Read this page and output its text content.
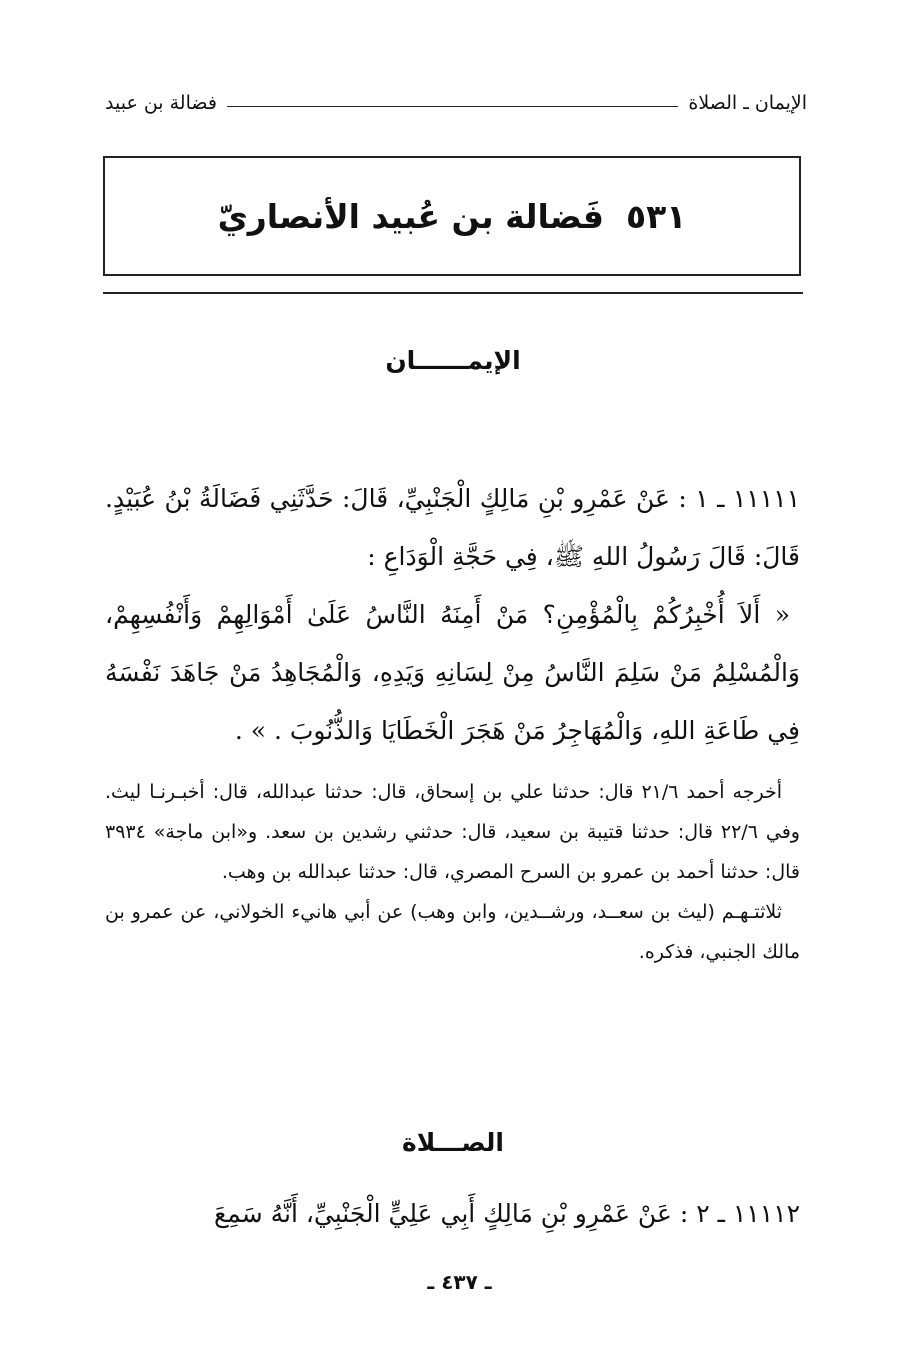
الإيمان ـ الصلاة
فضالة بن عبيد
٥٣١
فَضالة بن عُبيد الأنصاريّ
الإيمــــــان

١١١١١ ـ ١ : عَنْ عَمْرِو بْنِ مَالِكٍ الْجَنْبِيِّ، قَالَ: حَدَّثَنِي فَضَالَةُ بْنُ عُبَيْدٍ. قَالَ: قَالَ رَسُولُ اللهِ ﷺ، فِي حَجَّةِ الْوَدَاعِ :

« أَلاَ أُخْبِرُكُمْ بِالْمُؤْمِنِ؟ مَنْ أَمِنَهُ النَّاسُ عَلَىٰ أَمْوَالِهِمْ وَأَنْفُسِهِمْ، وَالْمُسْلِمُ مَنْ سَلِمَ النَّاسُ مِنْ لِسَانِهِ وَيَدِهِ، وَالْمُجَاهِدُ مَنْ جَاهَدَ نَفْسَهُ فِي طَاعَةِ اللهِ، وَالْمُهَاجِرُ مَنْ هَجَرَ الْخَطَايَا وَالذُّنُوبَ . » .

أخرجه أحمد ٢١/٦ قال: حدثنا علي بن إسحاق، قال: حدثنا عبدالله، قال: أخبـرنـا ليث. وفي ٢٢/٦ قال: حدثنا قتيبة بن سعيد، قال: حدثني رشدين بن سعد. و«ابن ماجة» ٣٩٣٤ قال: حدثنا أحمد بن عمرو بن السرح المصري، قال: حدثنا عبدالله بن وهب.

ثلاثتـهـم (ليث بن سعــد، ورشــدين، وابن وهب) عن أبي هانيء الخولاني، عن عمرو بن مالك الجنبي، فذكره.

الصـــلاة
١١١١٢ ـ ٢ : عَنْ عَمْرِو بْنِ مَالِكٍ أَبِي عَلِيٍّ الْجَنْبِيِّ، أَنَّهُ سَمِعَ
ـ ٤٣٧ ـ
